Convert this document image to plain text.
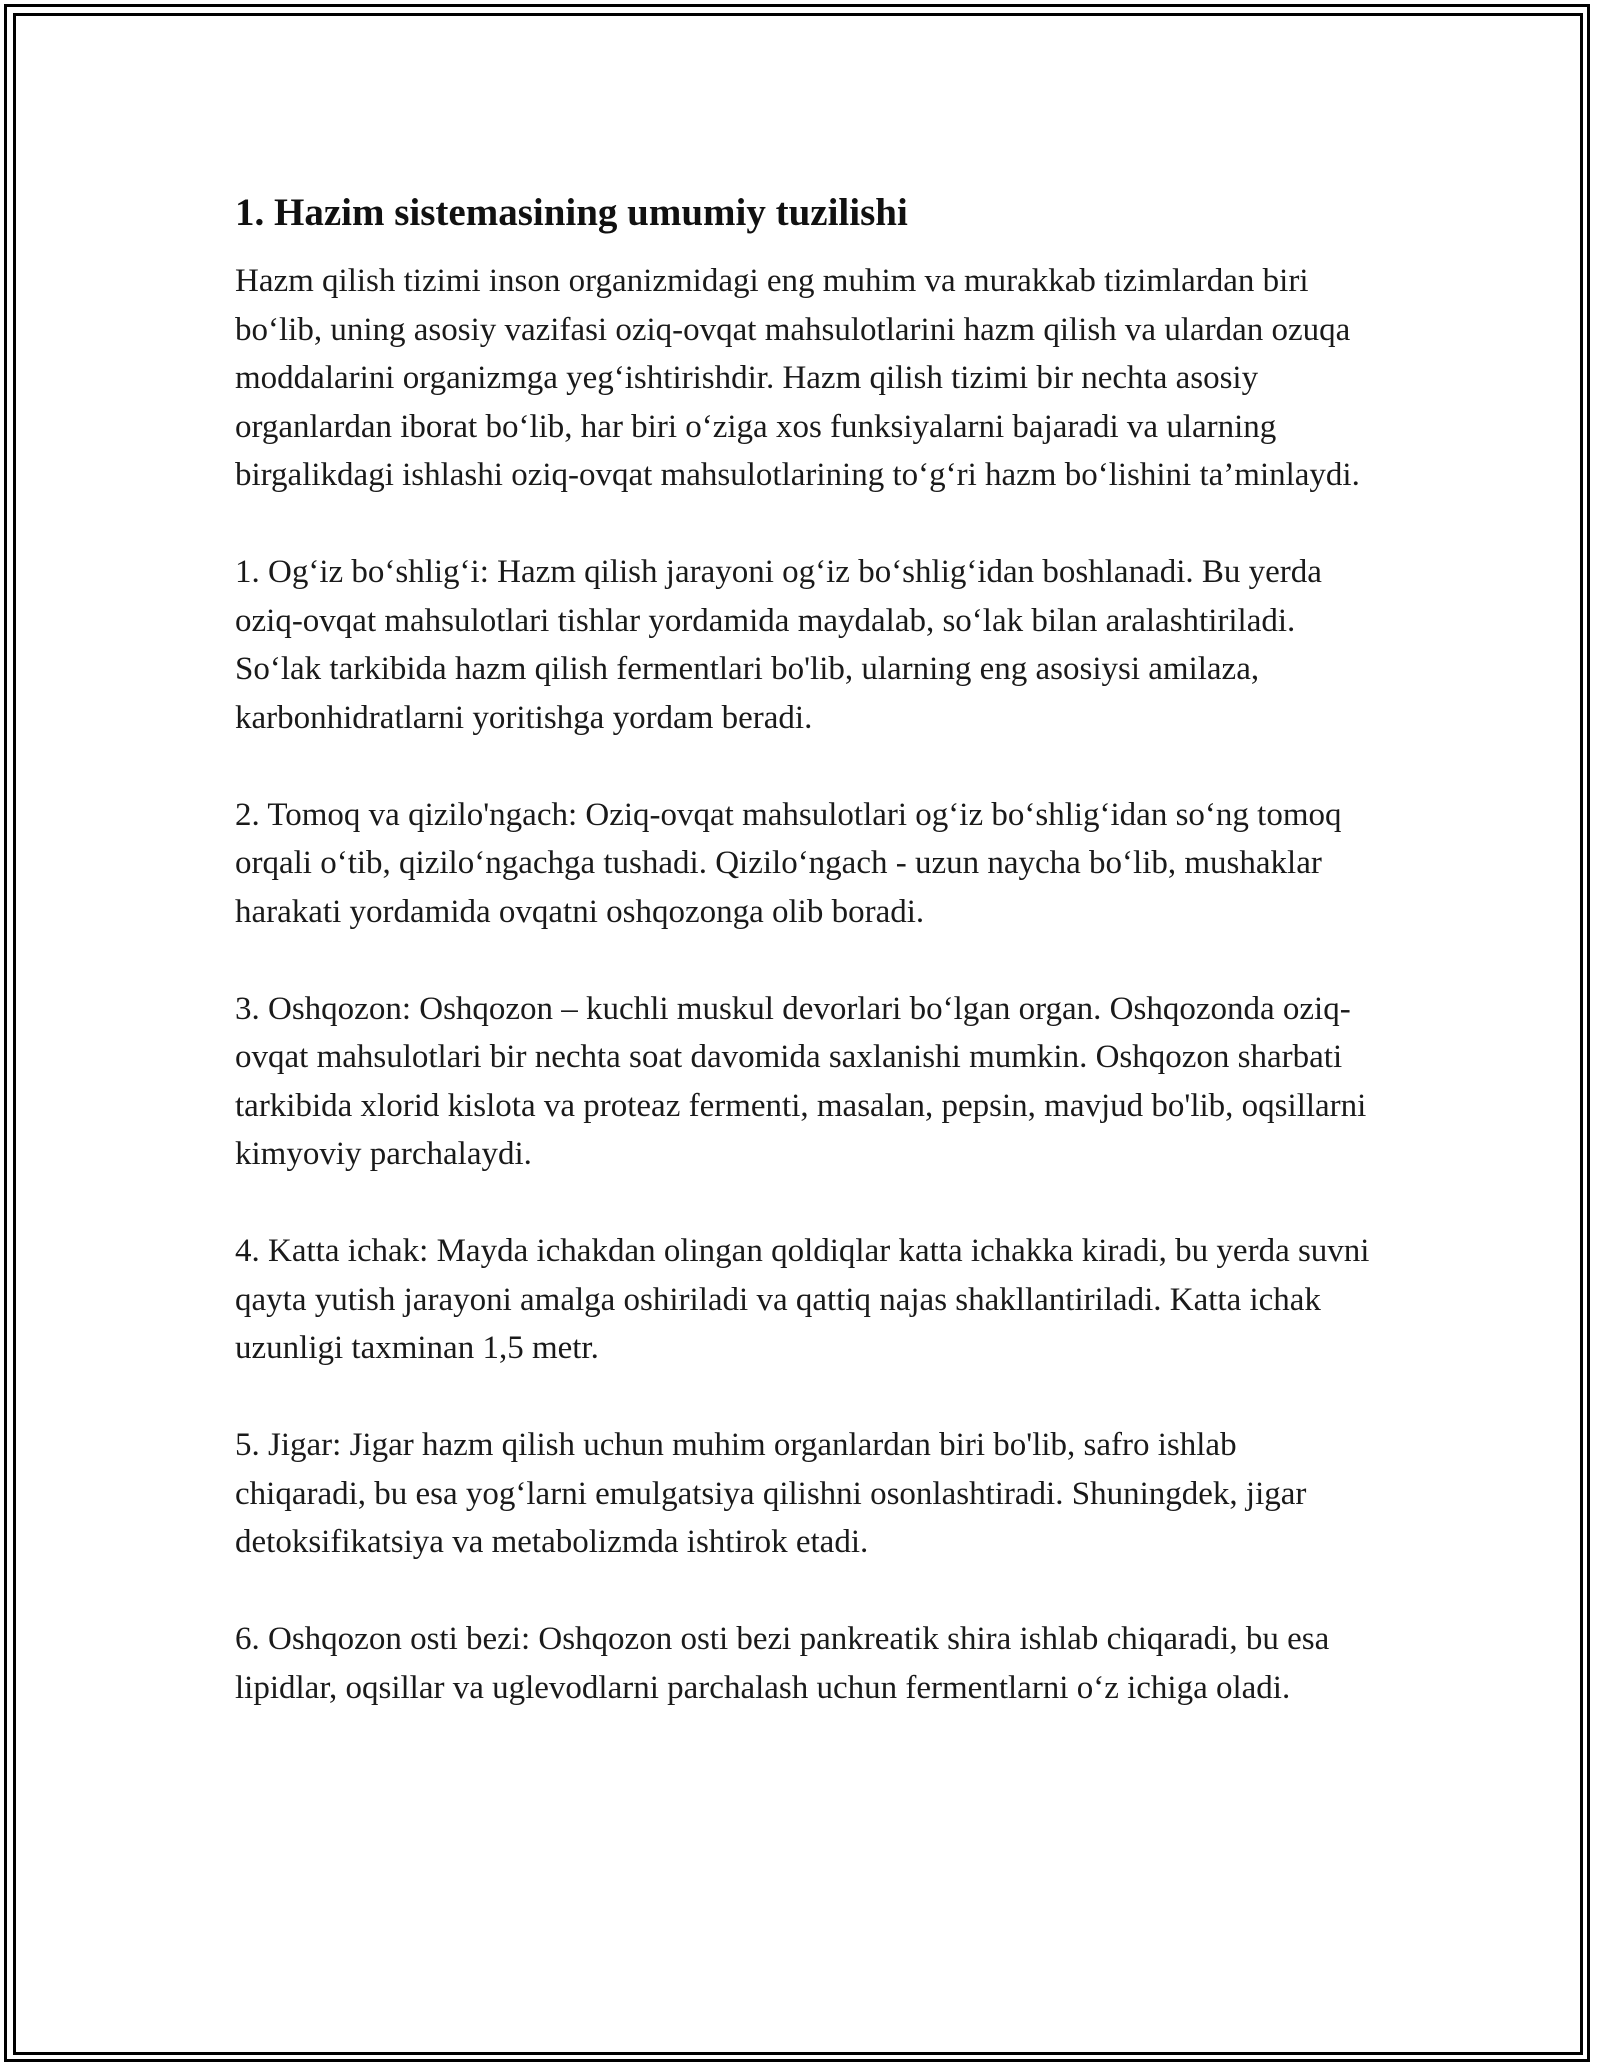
1. Hazim sistemasining umumiy tuzilishi

Hazm qilish tizimi inson organizmidagi eng muhim va murakkab tizimlardan biri bo‘lib, uning asosiy vazifasi oziq-ovqat mahsulotlarini hazm qilish va ulardan ozuqa moddalarini organizmga yeg‘ishtirishdir. Hazm qilish tizimi bir nechta asosiy organlardan iborat bo‘lib, har biri o‘ziga xos funksiyalarni bajaradi va ularning birgalikdagi ishlashi oziq-ovqat mahsulotlarining to‘g‘ri hazm bo‘lishini ta’minlaydi.

1. Og‘iz bo‘shlig‘i: Hazm qilish jarayoni og‘iz bo‘shlig‘idan boshlanadi. Bu yerda oziq-ovqat mahsulotlari tishlar yordamida maydalab, so‘lak bilan aralashtiriladi. So‘lak tarkibida hazm qilish fermentlari bo'lib, ularning eng asosiysi amilaza, karbonhidratlarni yoritishga yordam beradi.

2. Tomoq va qizilo'ngach: Oziq-ovqat mahsulotlari og‘iz bo‘shlig‘idan so‘ng tomoq orqali o‘tib, qizilo‘ngachga tushadi. Qizilo‘ngach - uzun naycha bo‘lib, mushaklar harakati yordamida ovqatni oshqozonga olib boradi.

3. Oshqozon: Oshqozon – kuchli muskul devorlari bo‘lgan organ. Oshqozonda oziq-ovqat mahsulotlari bir nechta soat davomida saxlanishi mumkin. Oshqozon sharbati tarkibida xlorid kislota va proteaz fermenti, masalan, pepsin, mavjud bo'lib, oqsillarni kimyoviy parchalaydi.

4. Katta ichak: Mayda ichakdan olingan qoldiqlar katta ichakka kiradi, bu yerda suvni qayta yutish jarayoni amalga oshiriladi va qattiq najas shakllantiriladi. Katta ichak uzunligi taxminan 1,5 metr.

5. Jigar: Jigar hazm qilish uchun muhim organlardan biri bo'lib, safro ishlab chiqaradi, bu esa yog‘larni emulgatsiya qilishni osonlashtiradi. Shuningdek, jigar detoksifikatsiya va metabolizmda ishtirok etadi.

6. Oshqozon osti bezi: Oshqozon osti bezi pankreatik shira ishlab chiqaradi, bu esa lipidlar, oqsillar va uglevodlarni parchalash uchun fermentlarni o‘z ichiga oladi.
